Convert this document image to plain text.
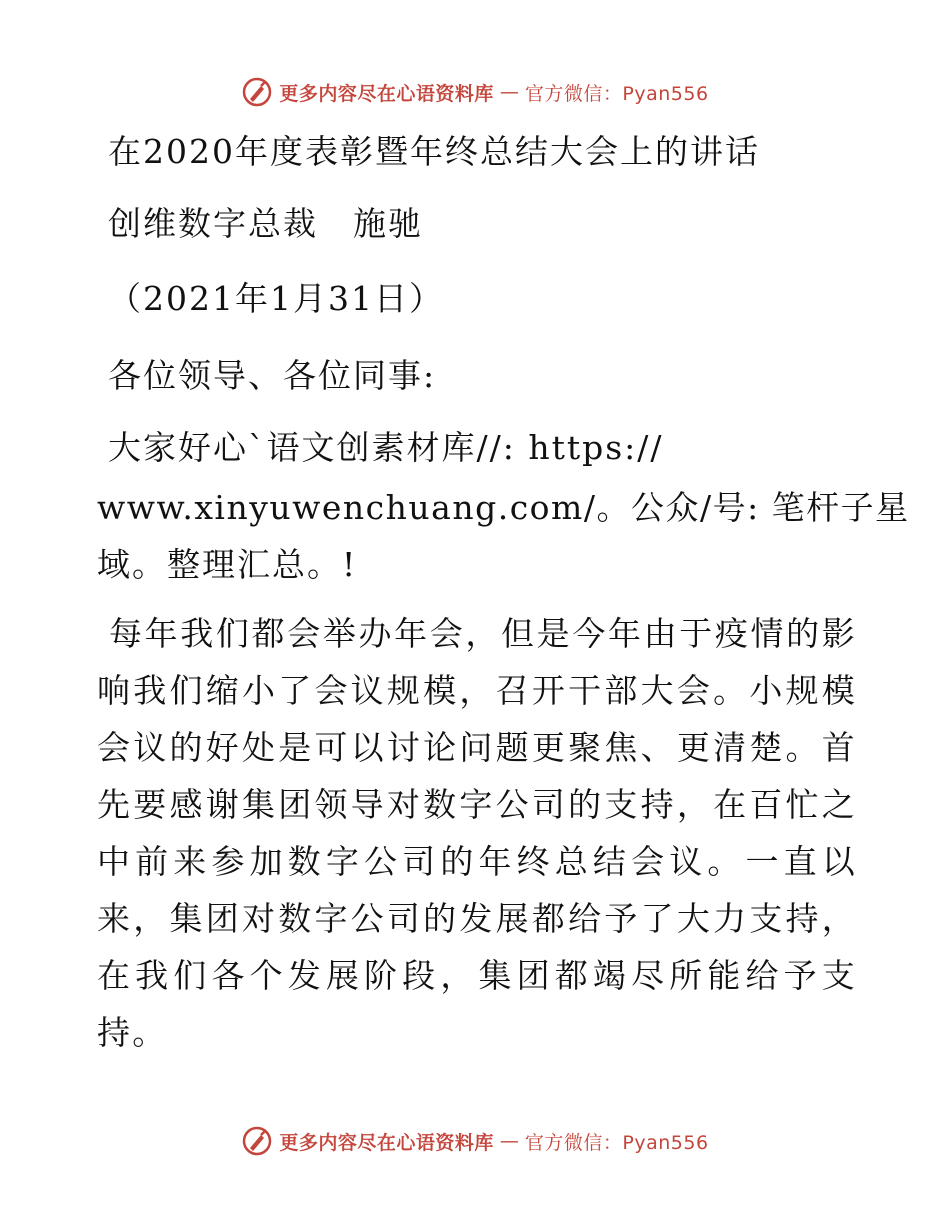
更多内容尽在心语资料库 — 官方微信：Pyan556
在2020年度表彰暨年终总结大会上的讲话
创维数字总裁　施驰
（2021年1月31日）
各位领导、各位同事:
大家好心`语文创素材库//: https://
www.xinyuwenchuang.com/。公众/号: 笔杆子星
域。整理汇总。!
每年我们都会举办年会，但是今年由于疫情的影响我们缩小了会议规模，召开干部大会。小规模会议的好处是可以讨论问题更聚焦、更清楚。首先要感谢集团领导对数字公司的支持，在百忙之中前来参加数字公司的年终总结会议。一直以来，集团对数字公司的发展都给予了大力支持，在我们各个发展阶段，集团都竭尽所能给予支持。
更多内容尽在心语资料库 — 官方微信：Pyan556
